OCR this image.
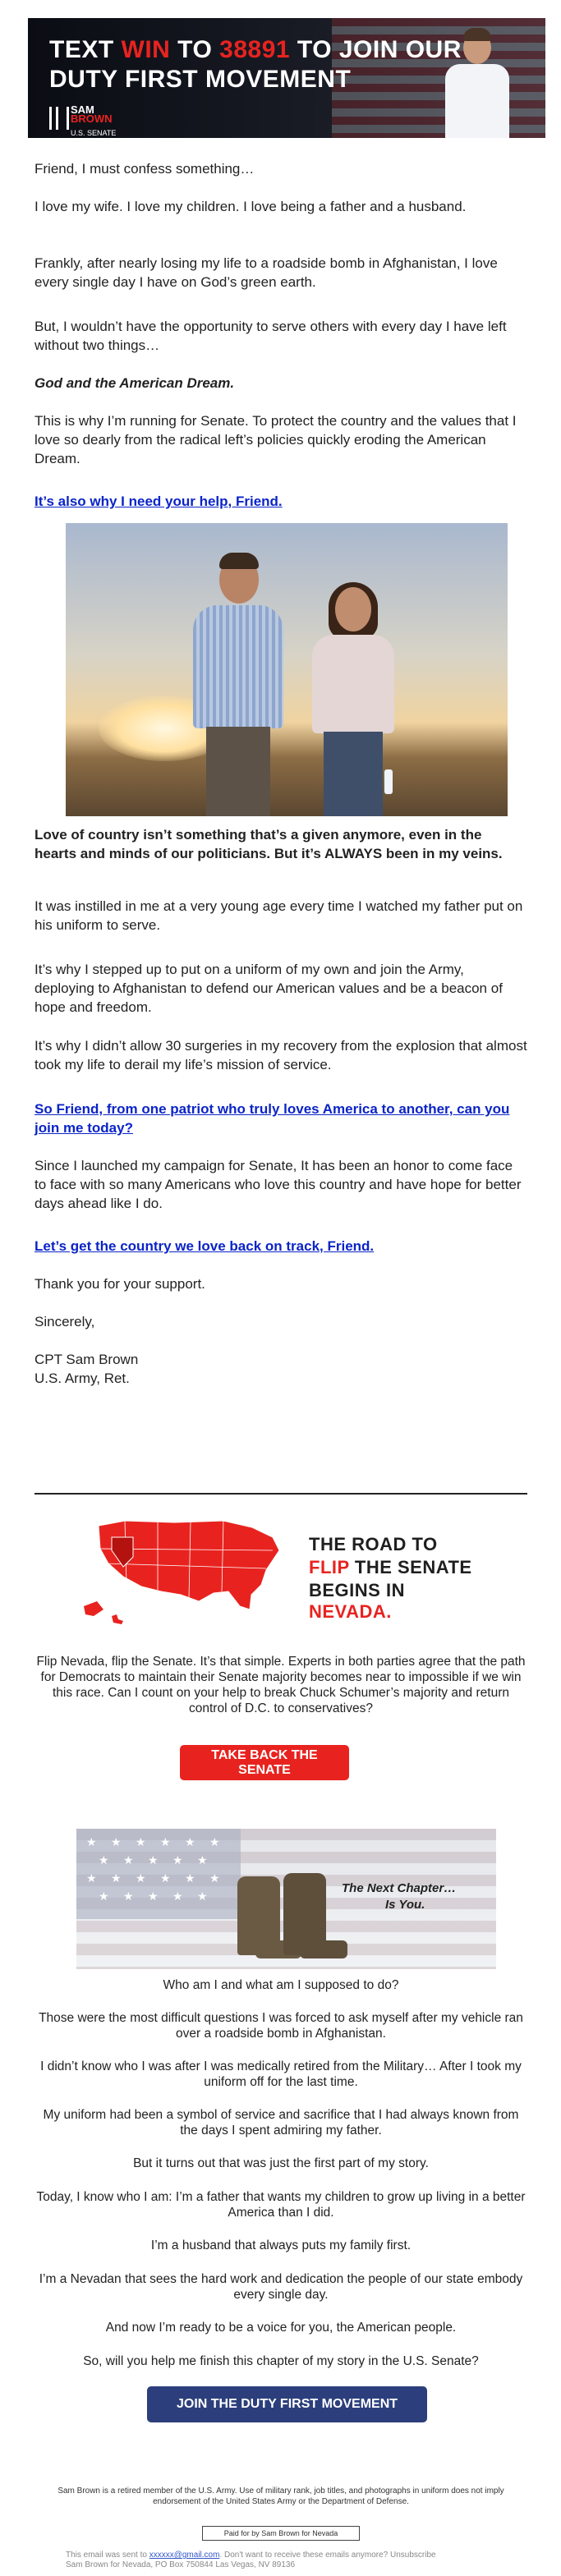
TEXT WIN TO 38891 TO JOIN OUR
DUTY FIRST MOVEMENT
SAM
BROWN
U.S. SENATE

Friend, I must confess something…

I love my wife. I love my children. I love being a father and a husband.

Frankly, after nearly losing my life to a roadside bomb in Afghanistan, I love every single day I have on God’s green earth.

But, I wouldn’t have the opportunity to serve others with every day I have left without two things…

God and the American Dream.

This is why I’m running for Senate. To protect the country and the values that I love so dearly from the radical left’s policies quickly eroding the American Dream.

It’s also why I need your help, Friend.

Love of country isn’t something that’s a given anymore, even in the hearts and minds of our politicians. But it’s ALWAYS been in my veins.

It was instilled in me at a very young age every time I watched my father put on his uniform to serve.

It’s why I stepped up to put on a uniform of my own and join the Army, deploying to Afghanistan to defend our American values and be a beacon of hope and freedom.

It’s why I didn’t allow 30 surgeries in my recovery from the explosion that almost took my life to derail my life’s mission of service.

So Friend, from one patriot who truly loves America to another, can you join me today?

Since I launched my campaign for Senate, It has been an honor to come face to face with so many Americans who love this country and have hope for better days ahead like I do.

Let’s get the country we love back on track, Friend.

Thank you for your support.

Sincerely,

CPT Sam Brown

U.S. Army, Ret.

THE ROAD TO
FLIP THE SENATE
BEGINS IN NEVADA.

Flip Nevada, flip the Senate. It’s that simple. Experts in both parties agree that the path for Democrats to maintain their Senate majority becomes near to impossible if we win this race. Can I count on your help to break Chuck Schumer’s majority and return control of D.C. to conservatives?

TAKE BACK THE SENATE
★ ★ ★ ★ ★ ★
★ ★ ★ ★ ★
★ ★ ★ ★ ★ ★
★ ★ ★ ★ ★
The Next Chapter…
Is You.

Who am I and what am I supposed to do?

Those were the most difficult questions I was forced to ask myself after my vehicle ran over a roadside bomb in Afghanistan.

I didn’t know who I was after I was medically retired from the Military… After I took my uniform off for the last time.

My uniform had been a symbol of service and sacrifice that I had always known from the days I spent admiring my father.

But it turns out that was just the first part of my story.

Today, I know who I am: I’m a father that wants my children to grow up living in a better America than I did.

I’m a husband that always puts my family first.

I’m a Nevadan that sees the hard work and dedication the people of our state embody every single day.

And now I’m ready to be a voice for you, the American people.

So, will you help me finish this chapter of my story in the U.S. Senate?

JOIN THE DUTY FIRST MOVEMENT

Sam Brown is a retired member of the U.S. Army. Use of military rank, job titles, and photographs in uniform does not imply endorsement of the United States Army or the Department of Defense.

Paid for by Sam Brown for Nevada

This email was sent to xxxxxx@gmail.com. Don't want to receive these emails anymore? Unsubscribe
Sam Brown for Nevada, PO Box 750844 Las Vegas, NV 89136
